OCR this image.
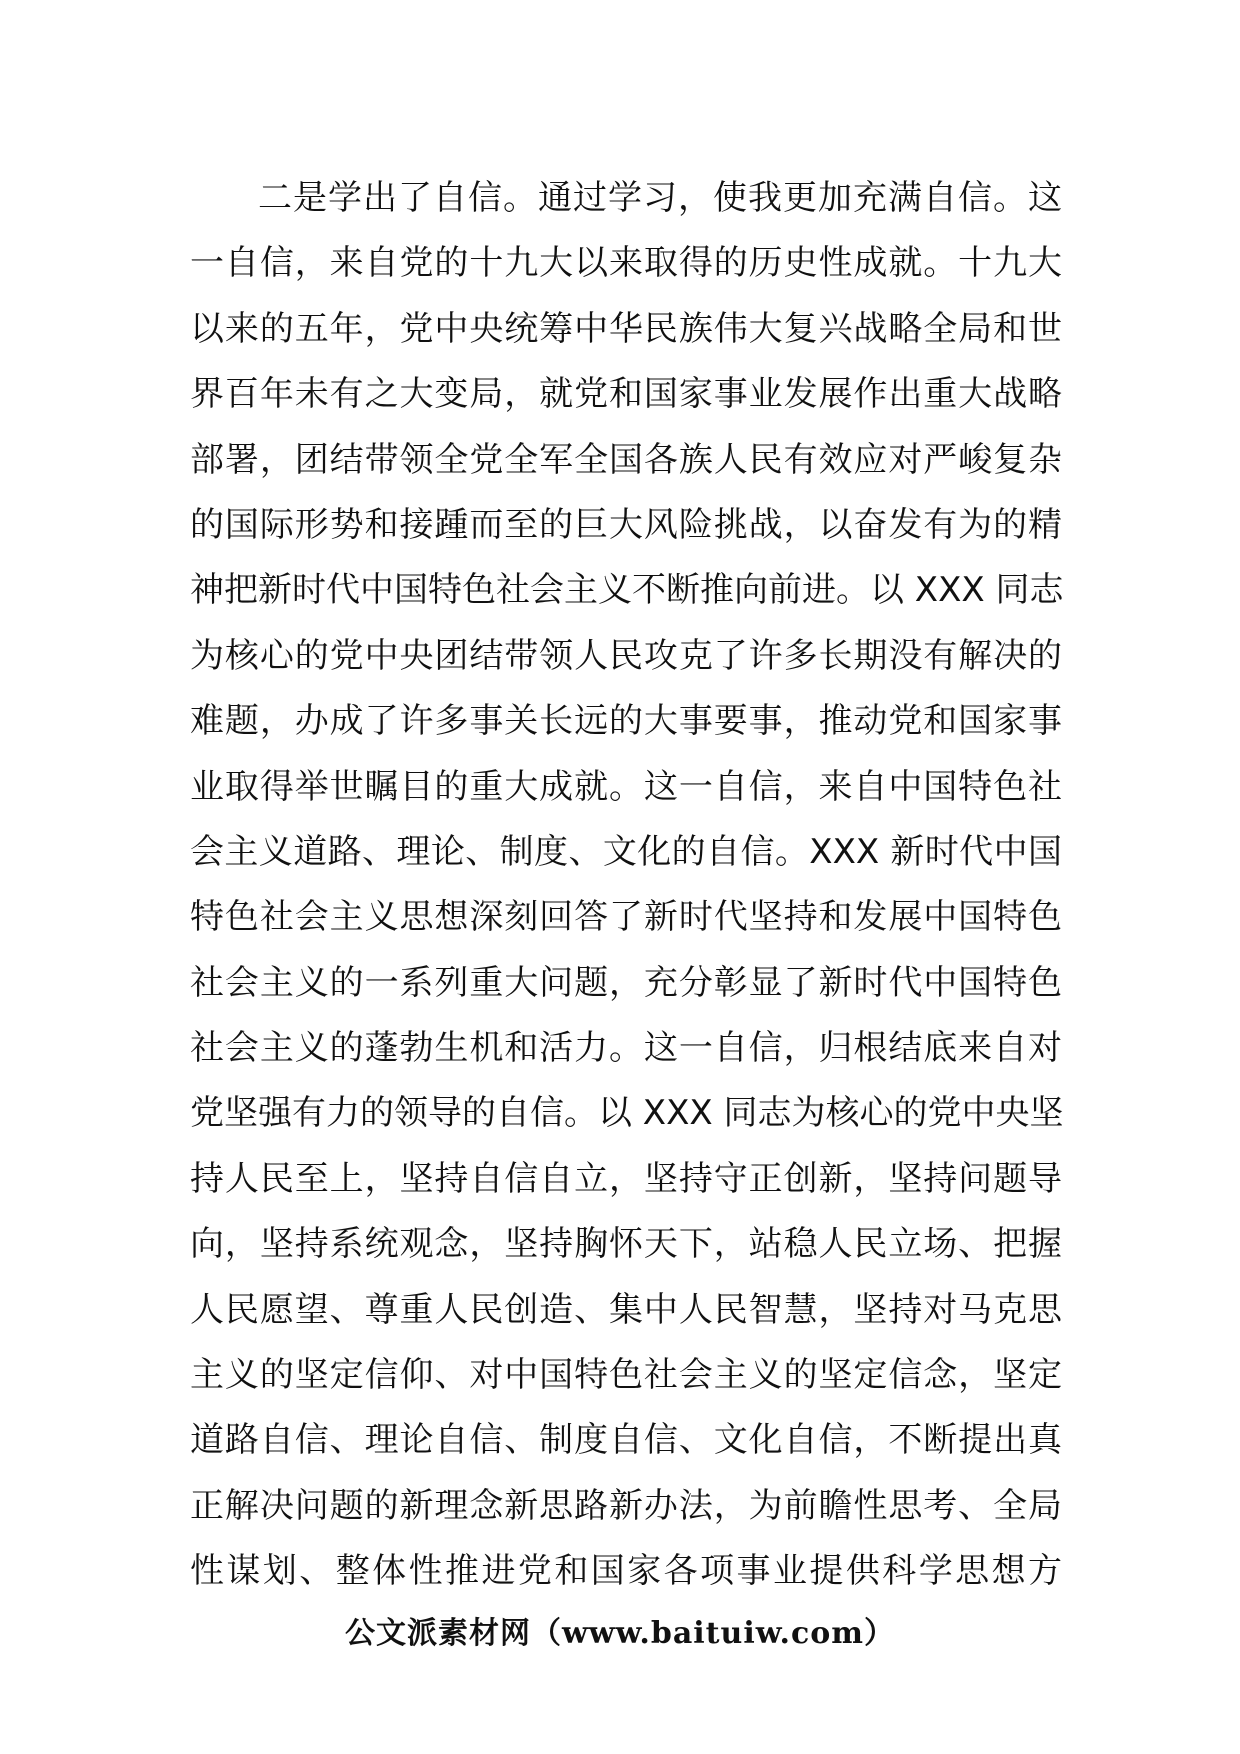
二是学出了自信。通过学习，使我更加充满自信。这
一自信，来自党的十九大以来取得的历史性成就。十九大
以来的五年，党中央统筹中华民族伟大复兴战略全局和世
界百年未有之大变局，就党和国家事业发展作出重大战略
部署，团结带领全党全军全国各族人民有效应对严峻复杂
的国际形势和接踵而至的巨大风险挑战，以奋发有为的精
神把新时代中国特色社会主义不断推向前进。以 XXX 同志
为核心的党中央团结带领人民攻克了许多长期没有解决的
难题，办成了许多事关长远的大事要事，推动党和国家事
业取得举世瞩目的重大成就。这一自信，来自中国特色社
会主义道路、理论、制度、文化的自信。XXX 新时代中国
特色社会主义思想深刻回答了新时代坚持和发展中国特色
社会主义的一系列重大问题，充分彰显了新时代中国特色
社会主义的蓬勃生机和活力。这一自信，归根结底来自对
党坚强有力的领导的自信。以 XXX 同志为核心的党中央坚
持人民至上，坚持自信自立，坚持守正创新，坚持问题导
向，坚持系统观念，坚持胸怀天下，站稳人民立场、把握
人民愿望、尊重人民创造、集中人民智慧，坚持对马克思
主义的坚定信仰、对中国特色社会主义的坚定信念，坚定
道路自信、理论自信、制度自信、文化自信，不断提出真
正解决问题的新理念新思路新办法，为前瞻性思考、全局
性谋划、整体性推进党和国家各项事业提供科学思想方
公文派素材网（www.baituiw.com）
